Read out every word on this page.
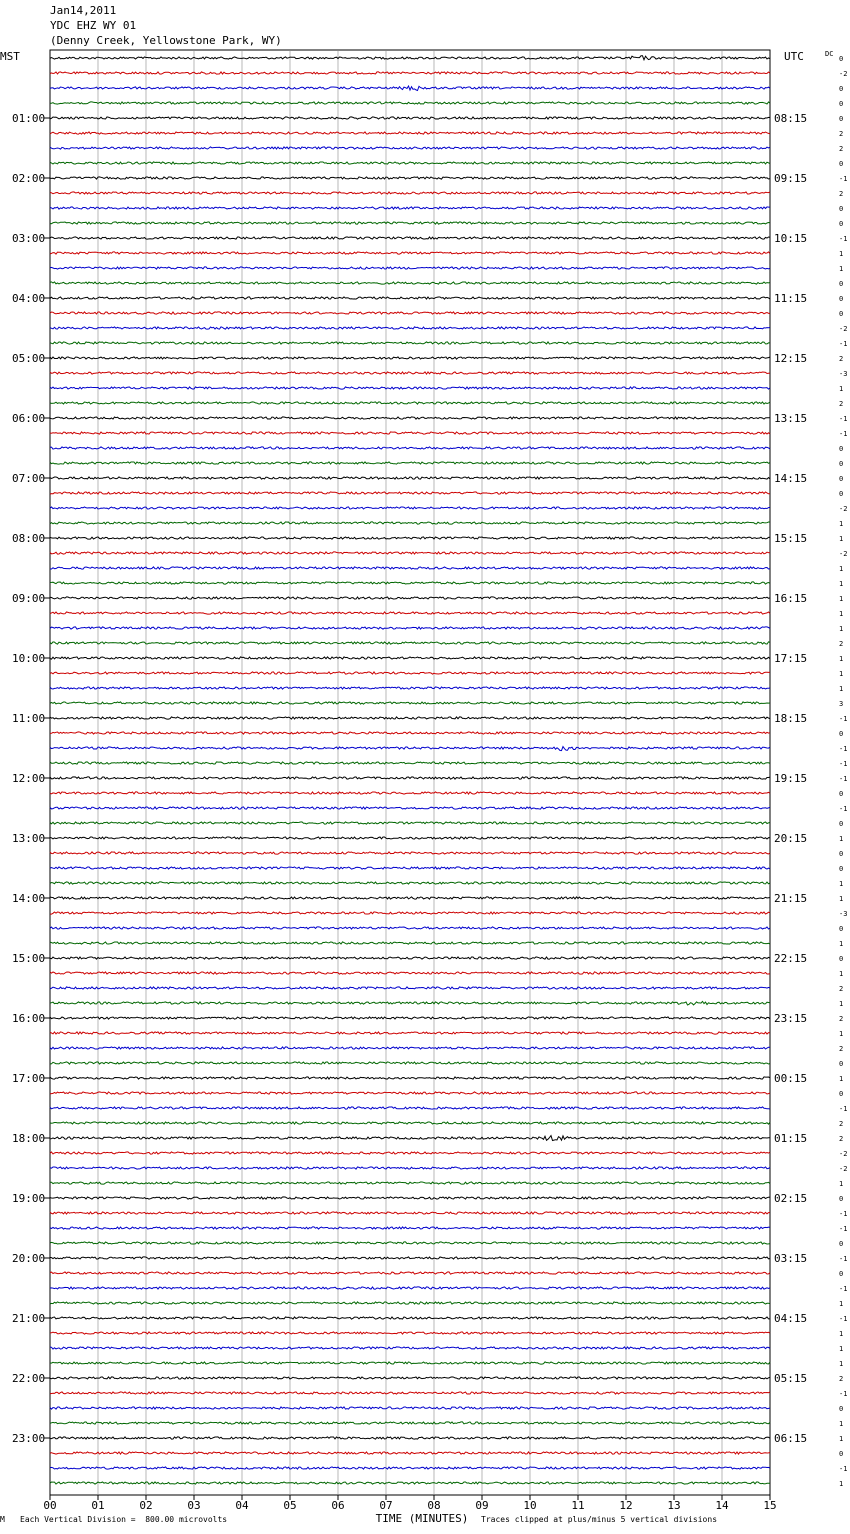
Jan14,2011
YDC EHZ WY 01
(Denny Creek, Yellowstone Park, WY)
0
-2
0
0
0
2
2
0
-1
2
0
0
-1
1
1
0
0
0
-2
-1
2
-3
1
2
-1
-1
0
0
0
0
-2
1
1
-2
1
1
1
1
1
2
1
1
1
3
-1
0
-1
-1
-1
0
-1
0
1
0
0
1
1
-3
0
1
0
1
2
1
2
1
2
0
1
0
-1
2
2
-2
-2
1
0
-1
-1
0
-1
0
-1
1
-1
1
1
1
2
-1
0
1
1
0
-1
1
MST	UTC	DC
01:00
02:00
03:00
04:00
05:00
06:00
07:00
08:00
09:00
10:00
11:00
12:00
13:00
14:00
15:00
16:00
17:00
18:00
19:00
20:00
21:00
22:00
23:00
08:15
09:15
10:15
11:15
12:15
13:15
14:15
15:15
16:15
17:15
18:15
19:15
20:15
21:15
22:15
23:15
00:15
01:15
02:15
03:15
04:15
05:15
06:15
00	01	02	03	04	05	06	07	08	09	10	11	12	13	14	15
TIME (MINUTES)
M Each Vertical Division =  800.00 microvolts	Traces clipped at plus/minus 5 vertical divisions
